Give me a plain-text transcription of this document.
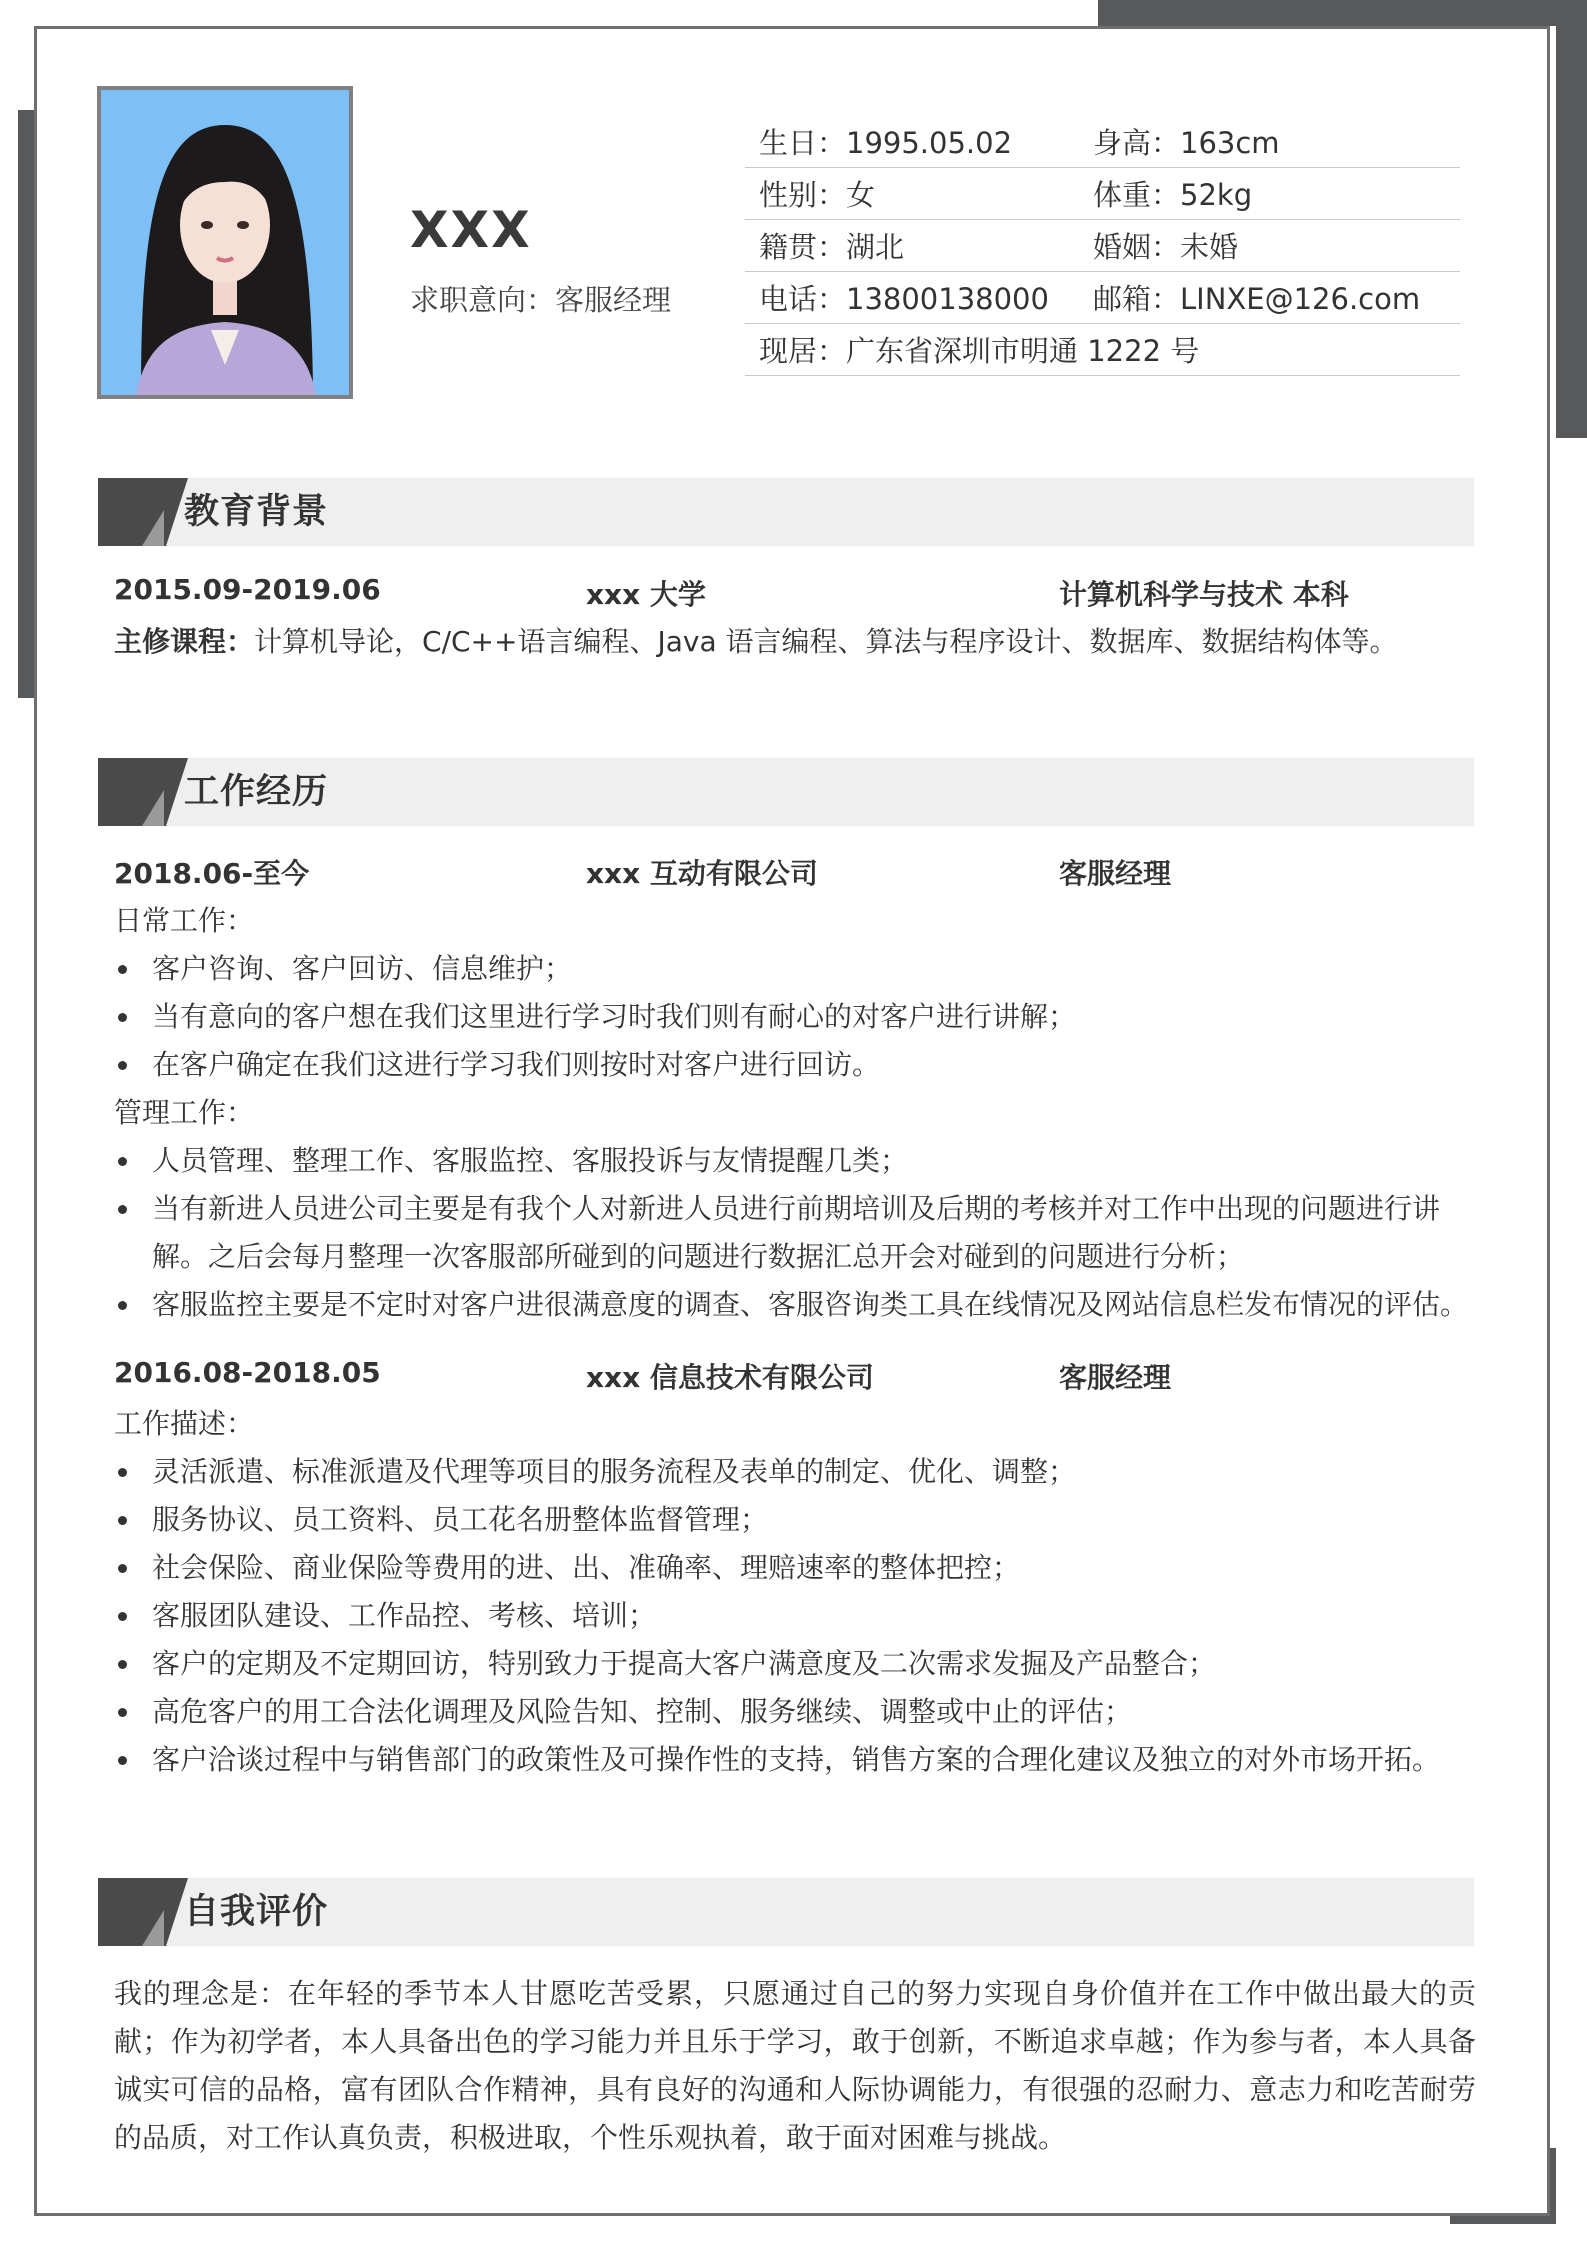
XXX
求职意向：客服经理
生日：1995.05.02	身高：163cm
性别：女	体重：52kg
籍贯：湖北	婚姻：未婚
电话：13800138000	邮箱：LINXE@126.com
现居：广东省深圳市明通 1222 号
教育背景
2015.09-2019.06	xxx 大学	计算机科学与技术 本科
主修课程：计算机导论，C/C++语言编程、Java 语言编程、算法与程序设计、数据库、数据结构体等。
工作经历
2018.06-至今	xxx 互动有限公司	客服经理
日常工作：
客户咨询、客户回访、信息维护；
当有意向的客户想在我们这里进行学习时我们则有耐心的对客户进行讲解；
在客户确定在我们这进行学习我们则按时对客户进行回访。
管理工作：
人员管理、整理工作、客服监控、客服投诉与友情提醒几类；
当有新进人员进公司主要是有我个人对新进人员进行前期培训及后期的考核并对工作中出现的问题进行讲
解。之后会每月整理一次客服部所碰到的问题进行数据汇总开会对碰到的问题进行分析；
客服监控主要是不定时对客户进很满意度的调查、客服咨询类工具在线情况及网站信息栏发布情况的评估。
2016.08-2018.05	xxx 信息技术有限公司	客服经理
工作描述：
灵活派遣、标准派遣及代理等项目的服务流程及表单的制定、优化、调整；
服务协议、员工资料、员工花名册整体监督管理；
社会保险、商业保险等费用的进、出、准确率、理赔速率的整体把控；
客服团队建设、工作品控、考核、培训；
客户的定期及不定期回访，特别致力于提高大客户满意度及二次需求发掘及产品整合；
高危客户的用工合法化调理及风险告知、控制、服务继续、调整或中止的评估；
客户洽谈过程中与销售部门的政策性及可操作性的支持，销售方案的合理化建议及独立的对外市场开拓。
自我评价
我的理念是：在年轻的季节本人甘愿吃苦受累，只愿通过自己的努力实现自身价值并在工作中做出最大的贡献；作为初学者，本人具备出色的学习能力并且乐于学习，敢于创新，不断追求卓越；作为参与者，本人具备诚实可信的品格，富有团队合作精神，具有良好的沟通和人际协调能力，有很强的忍耐力、意志力和吃苦耐劳的品质，对工作认真负责，积极进取，个性乐观执着，敢于面对困难与挑战。
